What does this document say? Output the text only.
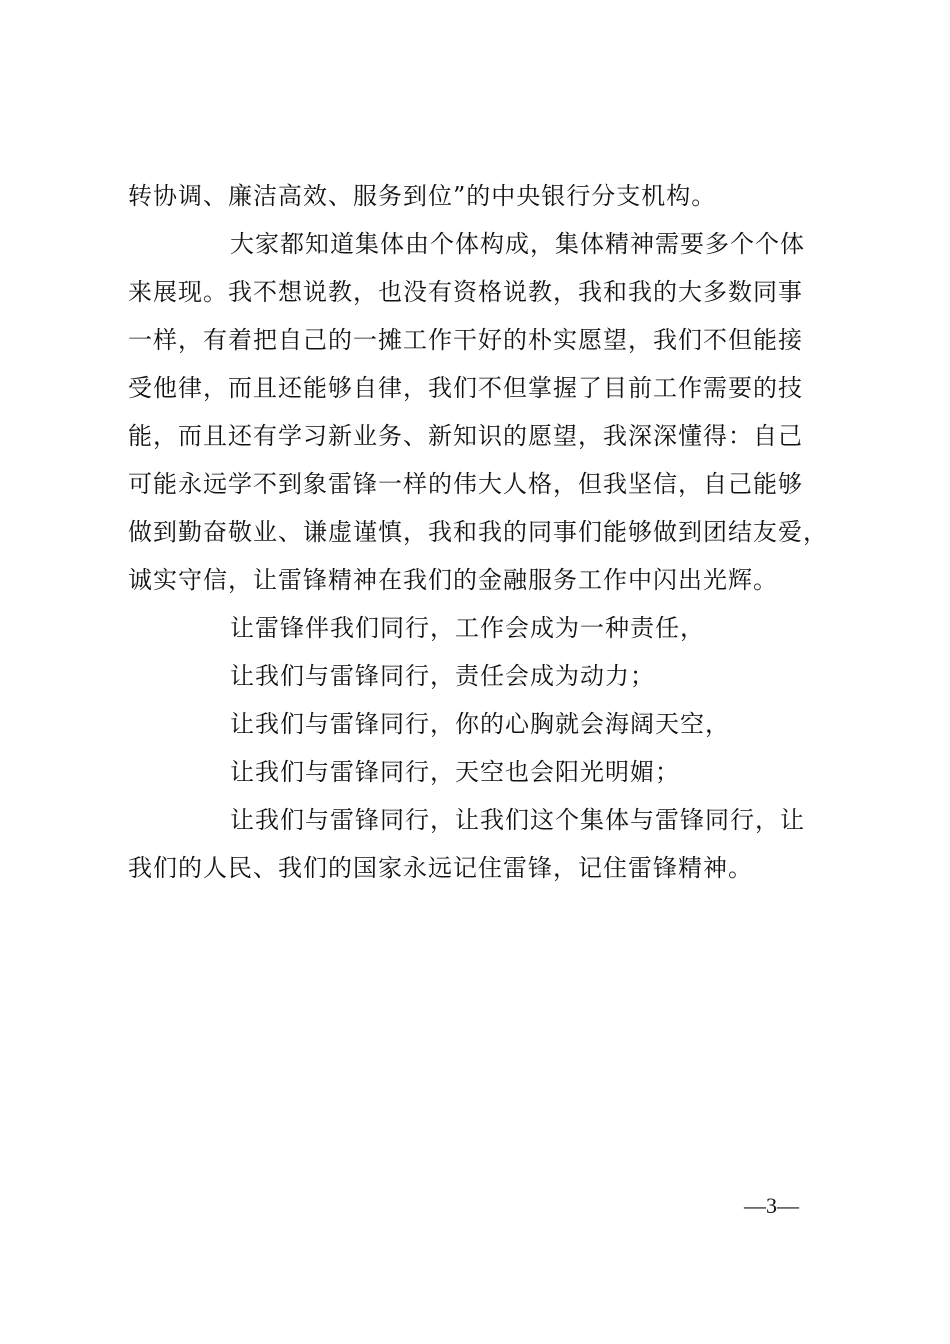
转协调、廉洁高效、服务到位”的中央银行分支机构。
大家都知道集体由个体构成，集体精神需要多个个体
来展现。我不想说教，也没有资格说教，我和我的大多数同事
一样，有着把自己的一摊工作干好的朴实愿望，我们不但能接
受他律，而且还能够自律，我们不但掌握了目前工作需要的技
能，而且还有学习新业务、新知识的愿望，我深深懂得：自己
可能永远学不到象雷锋一样的伟大人格，但我坚信，自己能够
做到勤奋敬业、谦虚谨慎，我和我的同事们能够做到团结友爱，
诚实守信，让雷锋精神在我们的金融服务工作中闪出光辉。
让雷锋伴我们同行，工作会成为一种责任，
让我们与雷锋同行，责任会成为动力；
让我们与雷锋同行，你的心胸就会海阔天空，
让我们与雷锋同行，天空也会阳光明媚；
让我们与雷锋同行，让我们这个集体与雷锋同行，让
我们的人民、我们的国家永远记住雷锋，记住雷锋精神。
—3—
